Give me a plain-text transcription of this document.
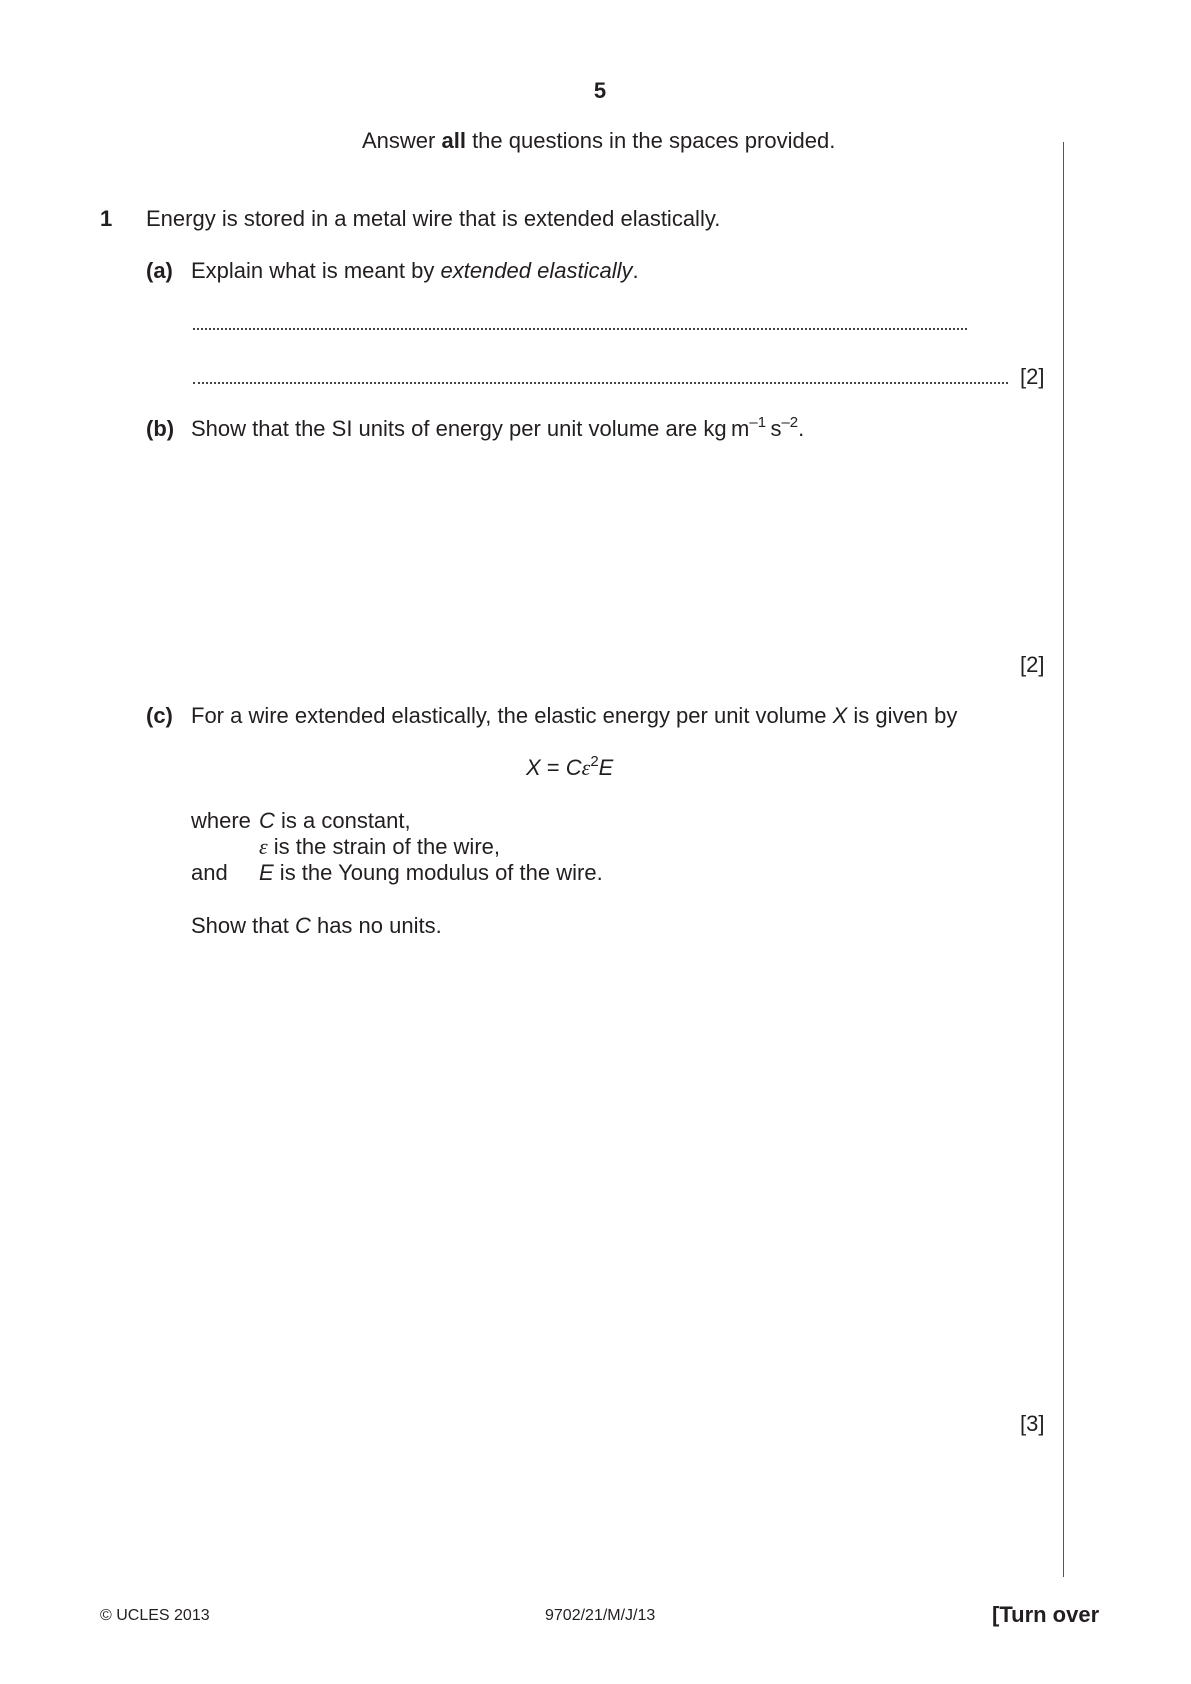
5
Answer all the questions in the spaces provided.
1 Energy is stored in a metal wire that is extended elastically.
(a) Explain what is meant by extended elastically.
[2]
(b) Show that the SI units of energy per unit volume are kg $m^{-1}$ $s^{-2}$.
[2]
(c) For a wire extended elastically, the elastic energy per unit volume X is given by
$X = C\varepsilon^2E$
where C is a constant,
ε is the strain of the wire,
and E is the Young modulus of the wire.
Show that C has no units.
[3]
© UCLES 2013	9702/21/M/J/13	[Turn over
